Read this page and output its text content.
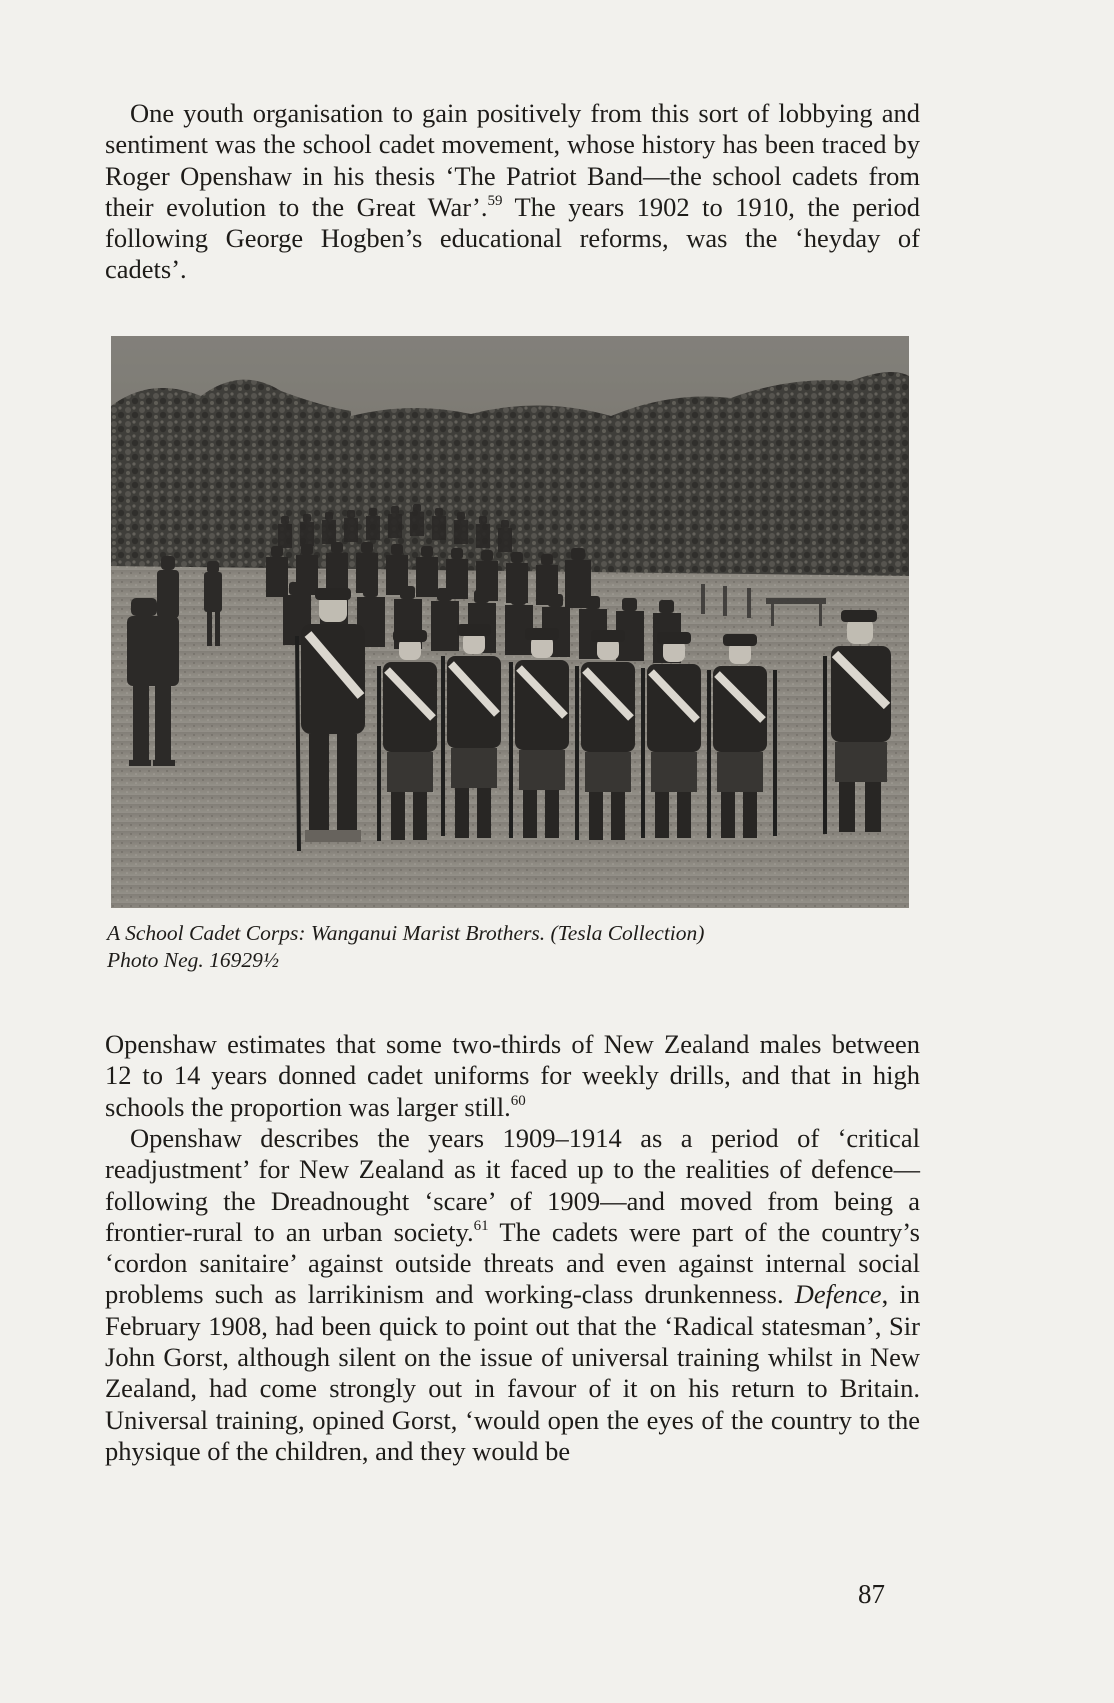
One youth organisation to gain positively from this sort of lobbying and sentiment was the school cadet movement, whose history has been traced by Roger Openshaw in his thesis ‘The Patriot Band—the school cadets from their evolution to the Great War’.$^{59}$ The years 1902 to 1910, the period following George Hogben’s educational reforms, was the ‘heyday of cadets’.

A School Cadet Corps: Wanganui Marist Brothers. (Tesla Collection)
Photo Neg. 16929½

Openshaw estimates that some two-thirds of New Zealand males between 12 to 14 years donned cadet uniforms for weekly drills, and that in high schools the proportion was larger still.$^{60}$

Openshaw describes the years 1909–1914 as a period of ‘critical readjustment’ for New Zealand as it faced up to the realities of defence—following the Dreadnought ‘scare’ of 1909—and moved from being a frontier-rural to an urban society.$^{61}$ The cadets were part of the country’s ‘cordon sanitaire’ against outside threats and even against internal social problems such as larrikinism and working-class drunkenness. Defence, in February 1908, had been quick to point out that the ‘Radical statesman’, Sir John Gorst, although silent on the issue of universal training whilst in New Zealand, had come strongly out in favour of it on his return to Britain. Universal training, opined Gorst, ‘would open the eyes of the country to the physique of the children, and they would be

87
